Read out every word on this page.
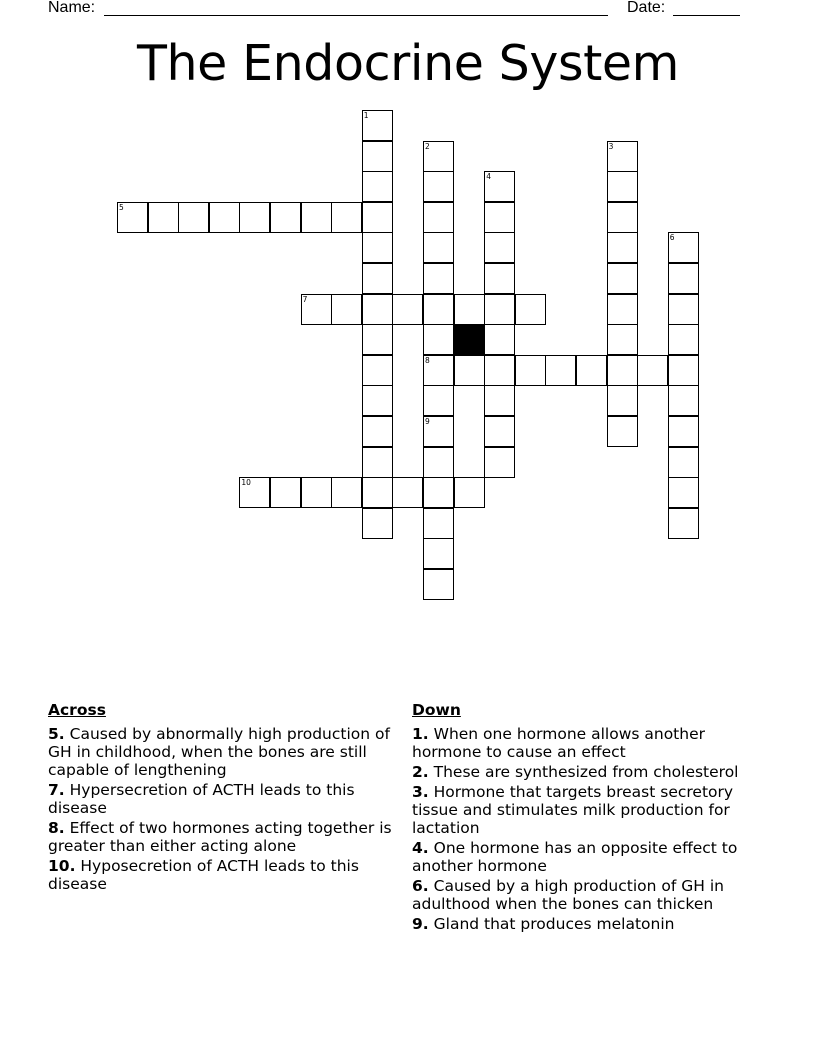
Name:	Date:
The Endocrine System
1
2
8
9
3
4
5
6
7
10
Across
5. Caused by abnormally high production of GH in childhood, when the bones are still capable of lengthening
7. Hypersecretion of ACTH leads to this disease
8. Effect of two hormones acting together is greater than either acting alone
10. Hyposecretion of ACTH leads to this disease
Down
1. When one hormone allows another hormone to cause an effect
2. These are synthesized from cholesterol
3. Hormone that targets breast secretory tissue and stimulates milk production for lactation
4. One hormone has an opposite effect to another hormone
6. Caused by a high production of GH in adulthood when the bones can thicken
9. Gland that produces melatonin
